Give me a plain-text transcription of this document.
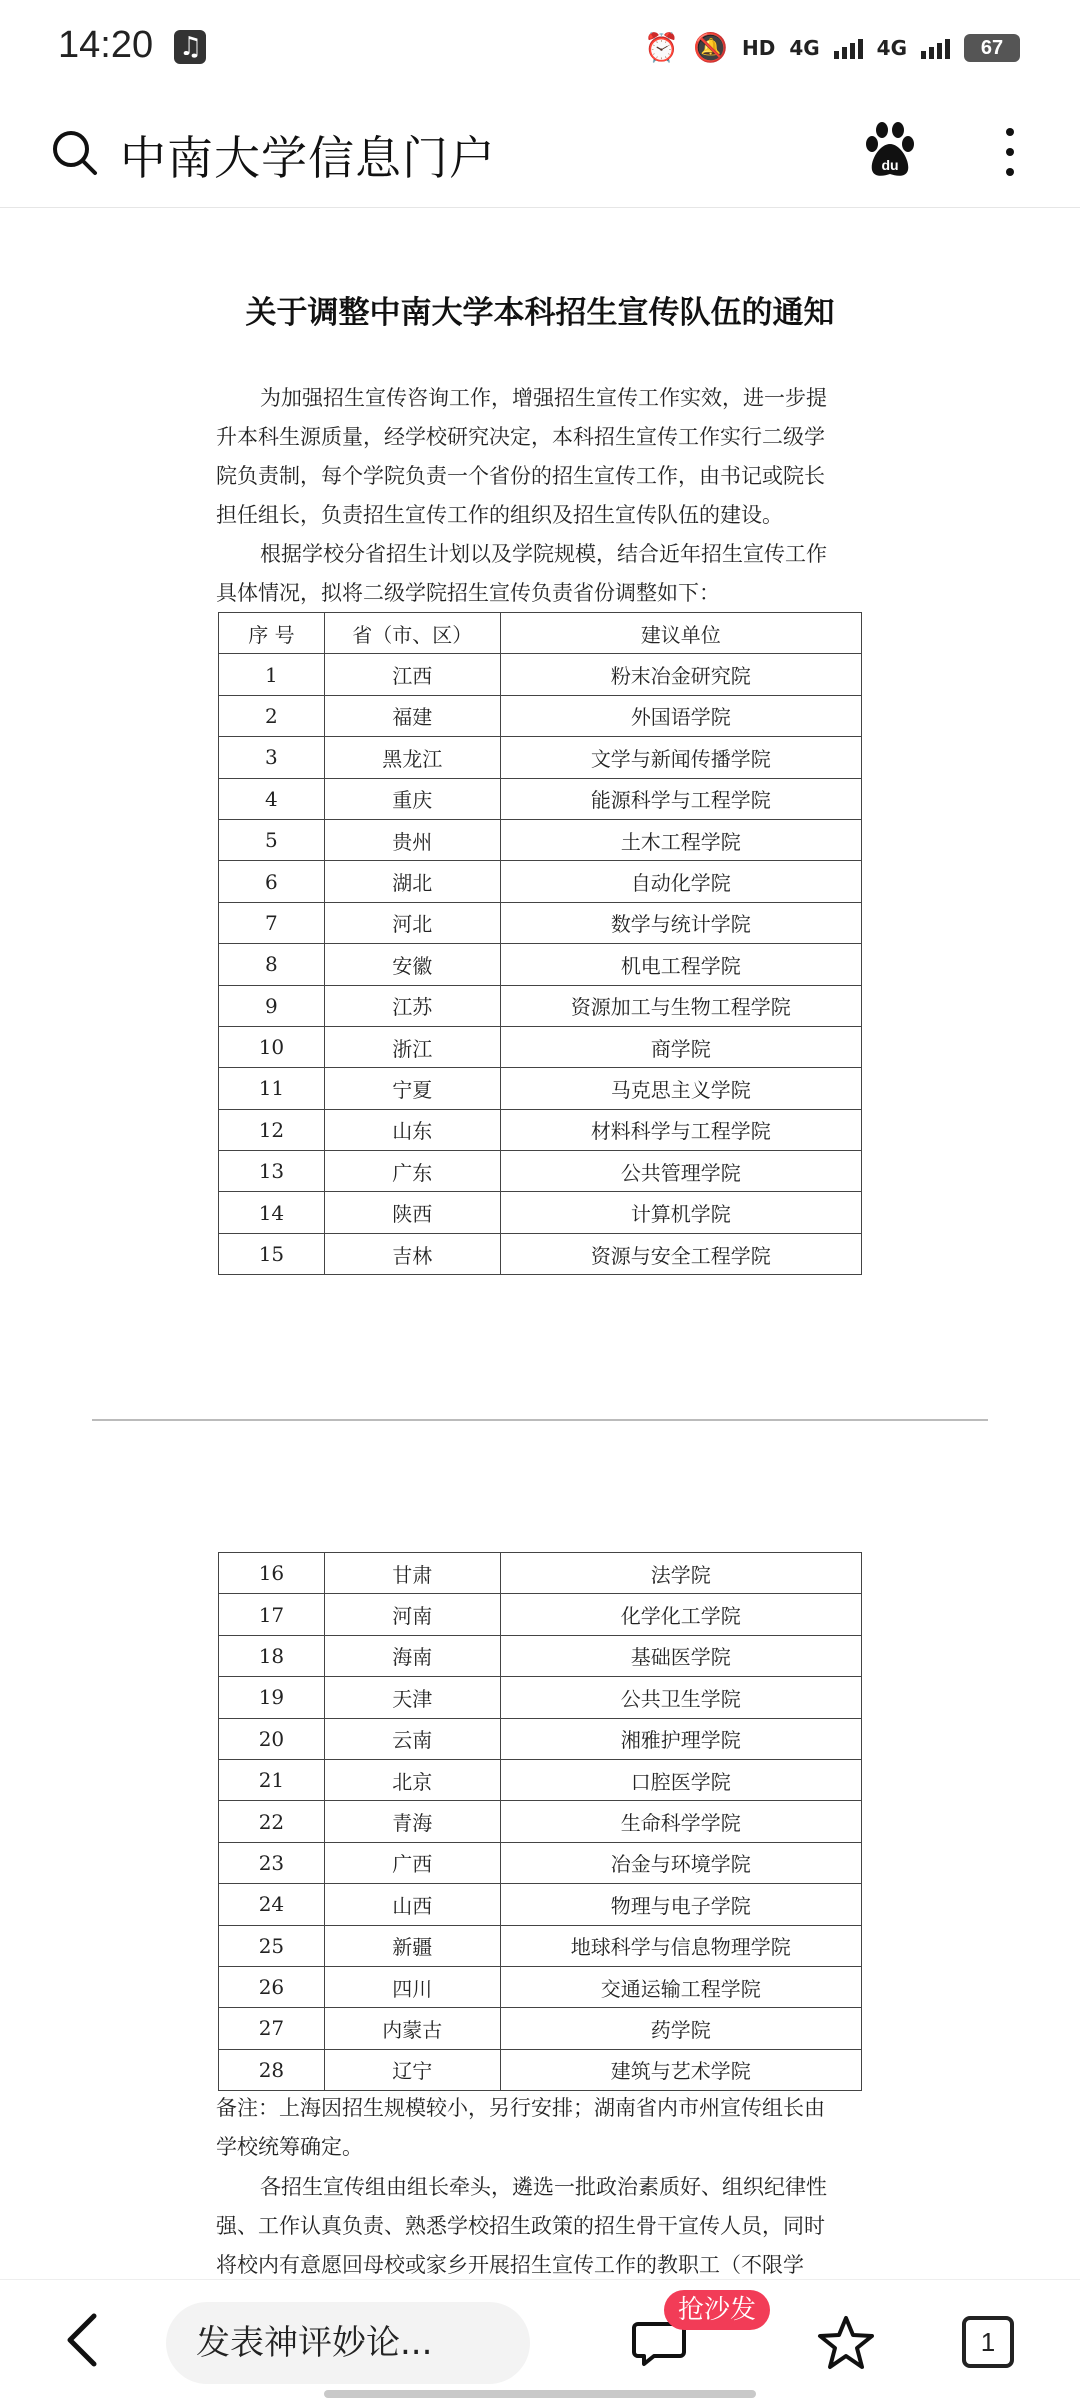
14:20 ♫	⏰ 🔕 HD 4G	4G	67
中南大学信息门户	du
关于调整中南大学本科招生宣传队伍的通知
为加强招生宣传咨询工作，增强招生宣传工作实效，进一步提
升本科生源质量，经学校研究决定，本科招生宣传工作实行二级学
院负责制，每个学院负责一个省份的招生宣传工作，由书记或院长
担任组长，负责招生宣传工作的组织及招生宣传队伍的建设。
根据学校分省招生计划以及学院规模，结合近年招生宣传工作
具体情况，拟将二级学院招生宣传负责省份调整如下：
序 号	省（市、区）	建议单位
1	江西	粉末冶金研究院
2	福建	外国语学院
3	黑龙江	文学与新闻传播学院
4	重庆	能源科学与工程学院
5	贵州	土木工程学院
6	湖北	自动化学院
7	河北	数学与统计学院
8	安徽	机电工程学院
9	江苏	资源加工与生物工程学院
10	浙江	商学院
11	宁夏	马克思主义学院
12	山东	材料科学与工程学院
13	广东	公共管理学院
14	陕西	计算机学院
15	吉林	资源与安全工程学院
16	甘肃	法学院
17	河南	化学化工学院
18	海南	基础医学院
19	天津	公共卫生学院
20	云南	湘雅护理学院
21	北京	口腔医学院
22	青海	生命科学学院
23	广西	冶金与环境学院
24	山西	物理与电子学院
25	新疆	地球科学与信息物理学院
26	四川	交通运输工程学院
27	内蒙古	药学院
28	辽宁	建筑与艺术学院
备注：上海因招生规模较小，另行安排；湖南省内市州宣传组长由
学校统筹确定。
各招生宣传组由组长牵头，遴选一批政治素质好、组织纪律性
强、工作认真负责、熟悉学校招生政策的招生骨干宣传人员，同时
将校内有意愿回母校或家乡开展招生宣传工作的教职工（不限学
发表神评妙论...
抢沙发
1
